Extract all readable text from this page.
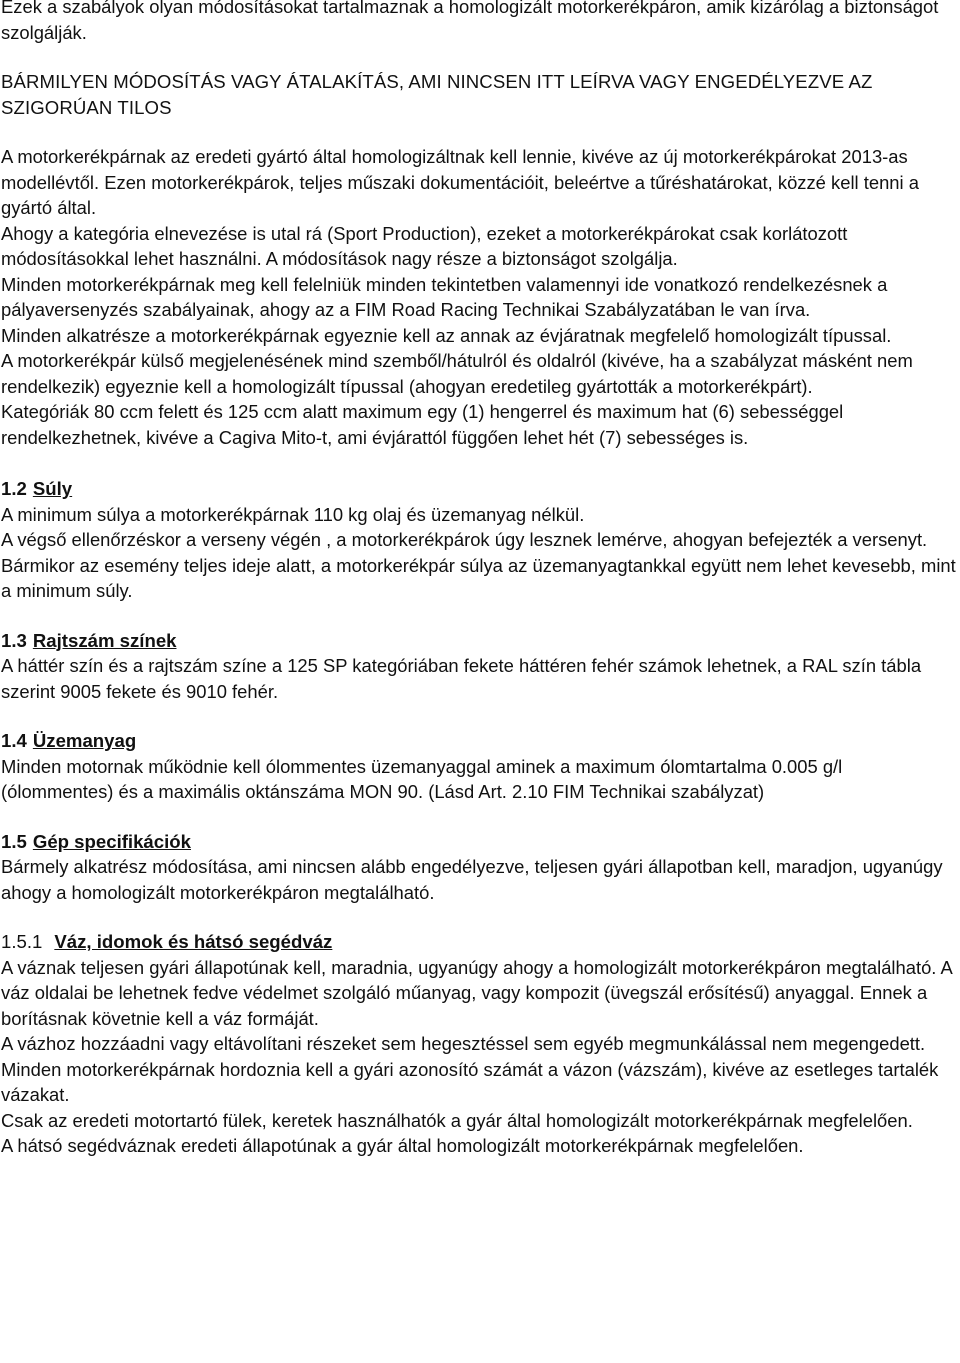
Ezek a szabályok olyan módosításokat tartalmaznak a homologizált motorkerékpáron, amik kizárólag a biztonságot szolgálják.

BÁRMILYEN MÓDOSÍTÁS VAGY ÁTALAKÍTÁS, AMI NINCSEN ITT LEÍRVA VAGY ENGEDÉLYEZVE AZ SZIGORÚAN TILOS

A motorkerékpárnak az eredeti gyártó által homologizáltnak kell lennie, kivéve az új motorkerékpárokat 2013-as modellévtől. Ezen motorkerékpárok, teljes műszaki dokumentációit, beleértve a tűréshatárokat, közzé kell tenni a gyártó által.

Ahogy a kategória elnevezése is utal rá (Sport Production), ezeket a motorkerékpárokat csak korlátozott módosításokkal lehet használni. A módosítások nagy része a biztonságot szolgálja.

Minden motorkerékpárnak meg kell felelniük minden tekintetben valamennyi ide vonatkozó rendelkezésnek a pályaversenyzés szabályainak, ahogy az a FIM Road Racing Technikai Szabályzatában le van írva.

Minden alkatrésze a motorkerékpárnak egyeznie kell az annak az évjáratnak megfelelő homologizált típussal.

A motorkerékpár külső megjelenésének mind szemből/hátulról és oldalról (kivéve, ha a szabályzat másként nem rendelkezik) egyeznie kell a homologizált típussal (ahogyan eredetileg gyártották a motorkerékpárt).

Kategóriák 80 ccm felett és 125 ccm alatt maximum egy (1) hengerrel és maximum hat (6) sebességgel rendelkezhetnek, kivéve a Cagiva Mito-t, ami évjárattól függően lehet hét (7) sebességes is.

1.2 Súly

A minimum súlya a motorkerékpárnak 110 kg olaj és üzemanyag nélkül.

A végső ellenőrzéskor a verseny végén , a motorkerékpárok úgy lesznek lemérve, ahogyan befejezték a versenyt.

Bármikor az esemény teljes ideje alatt, a motorkerékpár súlya az üzemanyagtankkal együtt nem lehet kevesebb, mint a minimum súly.

1.3 Rajtszám színek

A háttér szín és a rajtszám színe a 125 SP kategóriában fekete háttéren fehér számok lehetnek, a RAL szín tábla szerint 9005 fekete és 9010 fehér.

1.4 Üzemanyag

Minden motornak működnie kell ólommentes üzemanyaggal aminek a maximum ólomtartalma 0.005 g/l (ólommentes) és a maximális oktánszáma MON 90. (Lásd Art. 2.10 FIM Technikai szabályzat)

1.5 Gép specifikációk

Bármely alkatrész módosítása, ami nincsen alább engedélyezve, teljesen gyári állapotban kell, maradjon, ugyanúgy ahogy a homologizált motorkerékpáron megtalálható.

1.5.1 Váz, idomok és hátsó segédváz

A váznak teljesen gyári állapotúnak kell, maradnia, ugyanúgy ahogy a homologizált motorkerékpáron megtalálható. A váz oldalai be lehetnek fedve védelmet szolgáló műanyag, vagy kompozit (üvegszál erősítésű) anyaggal. Ennek a borításnak követnie kell a váz formáját.

A vázhoz hozzáadni vagy eltávolítani részeket sem hegesztéssel sem egyéb megmunkálással nem megengedett. Minden motorkerékpárnak hordoznia kell a gyári azonosító számát a vázon (vázszám), kivéve az esetleges tartalék vázakat.

Csak az eredeti motortartó fülek, keretek használhatók a gyár által homologizált motorkerékpárnak megfelelően.

A hátsó segédváznak eredeti állapotúnak a gyár által homologizált motorkerékpárnak megfelelően.
